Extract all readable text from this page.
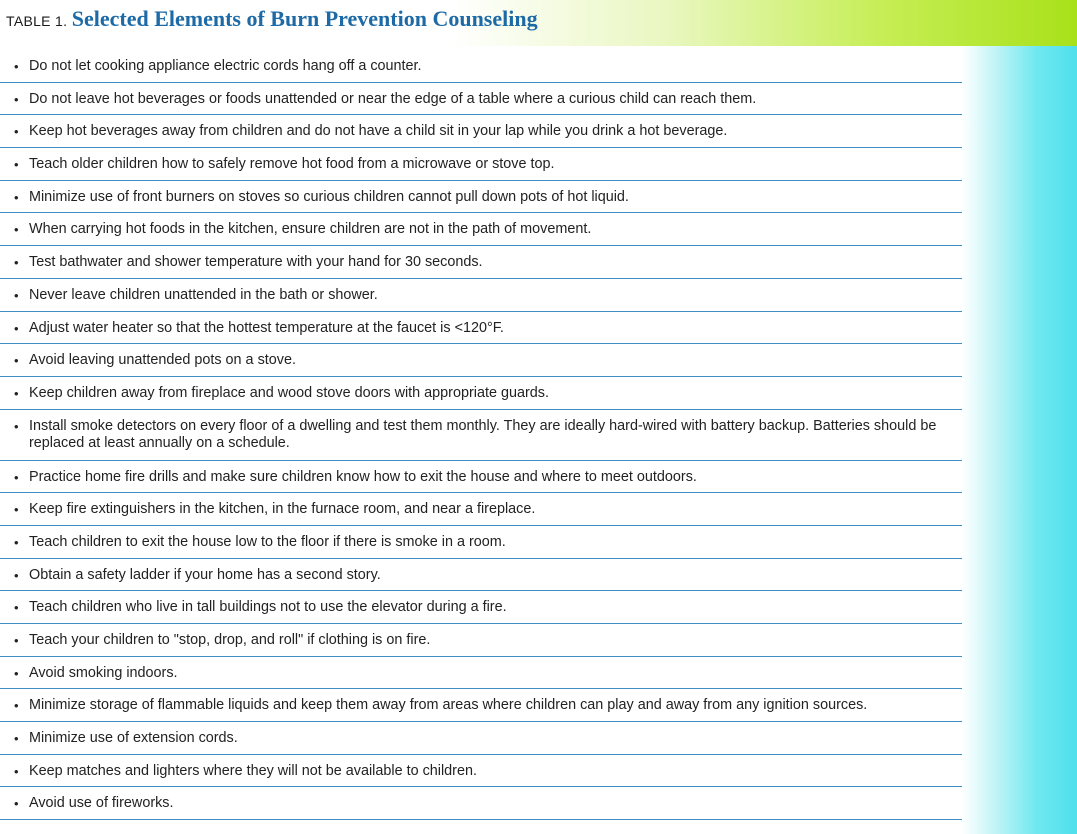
TABLE 1. Selected Elements of Burn Prevention Counseling
• Do not let cooking appliance electric cords hang off a counter.
• Do not leave hot beverages or foods unattended or near the edge of a table where a curious child can reach them.
• Keep hot beverages away from children and do not have a child sit in your lap while you drink a hot beverage.
• Teach older children how to safely remove hot food from a microwave or stove top.
• Minimize use of front burners on stoves so curious children cannot pull down pots of hot liquid.
• When carrying hot foods in the kitchen, ensure children are not in the path of movement.
• Test bathwater and shower temperature with your hand for 30 seconds.
• Never leave children unattended in the bath or shower.
• Adjust water heater so that the hottest temperature at the faucet is <120°F.
• Avoid leaving unattended pots on a stove.
• Keep children away from fireplace and wood stove doors with appropriate guards.
• Install smoke detectors on every floor of a dwelling and test them monthly. They are ideally hard-wired with battery backup. Batteries should be replaced at least annually on a schedule.
• Practice home fire drills and make sure children know how to exit the house and where to meet outdoors.
• Keep fire extinguishers in the kitchen, in the furnace room, and near a fireplace.
• Teach children to exit the house low to the floor if there is smoke in a room.
• Obtain a safety ladder if your home has a second story.
• Teach children who live in tall buildings not to use the elevator during a fire.
• Teach your children to "stop, drop, and roll" if clothing is on fire.
• Avoid smoking indoors.
• Minimize storage of flammable liquids and keep them away from areas where children can play and away from any ignition sources.
• Minimize use of extension cords.
• Keep matches and lighters where they will not be available to children.
• Avoid use of fireworks.
